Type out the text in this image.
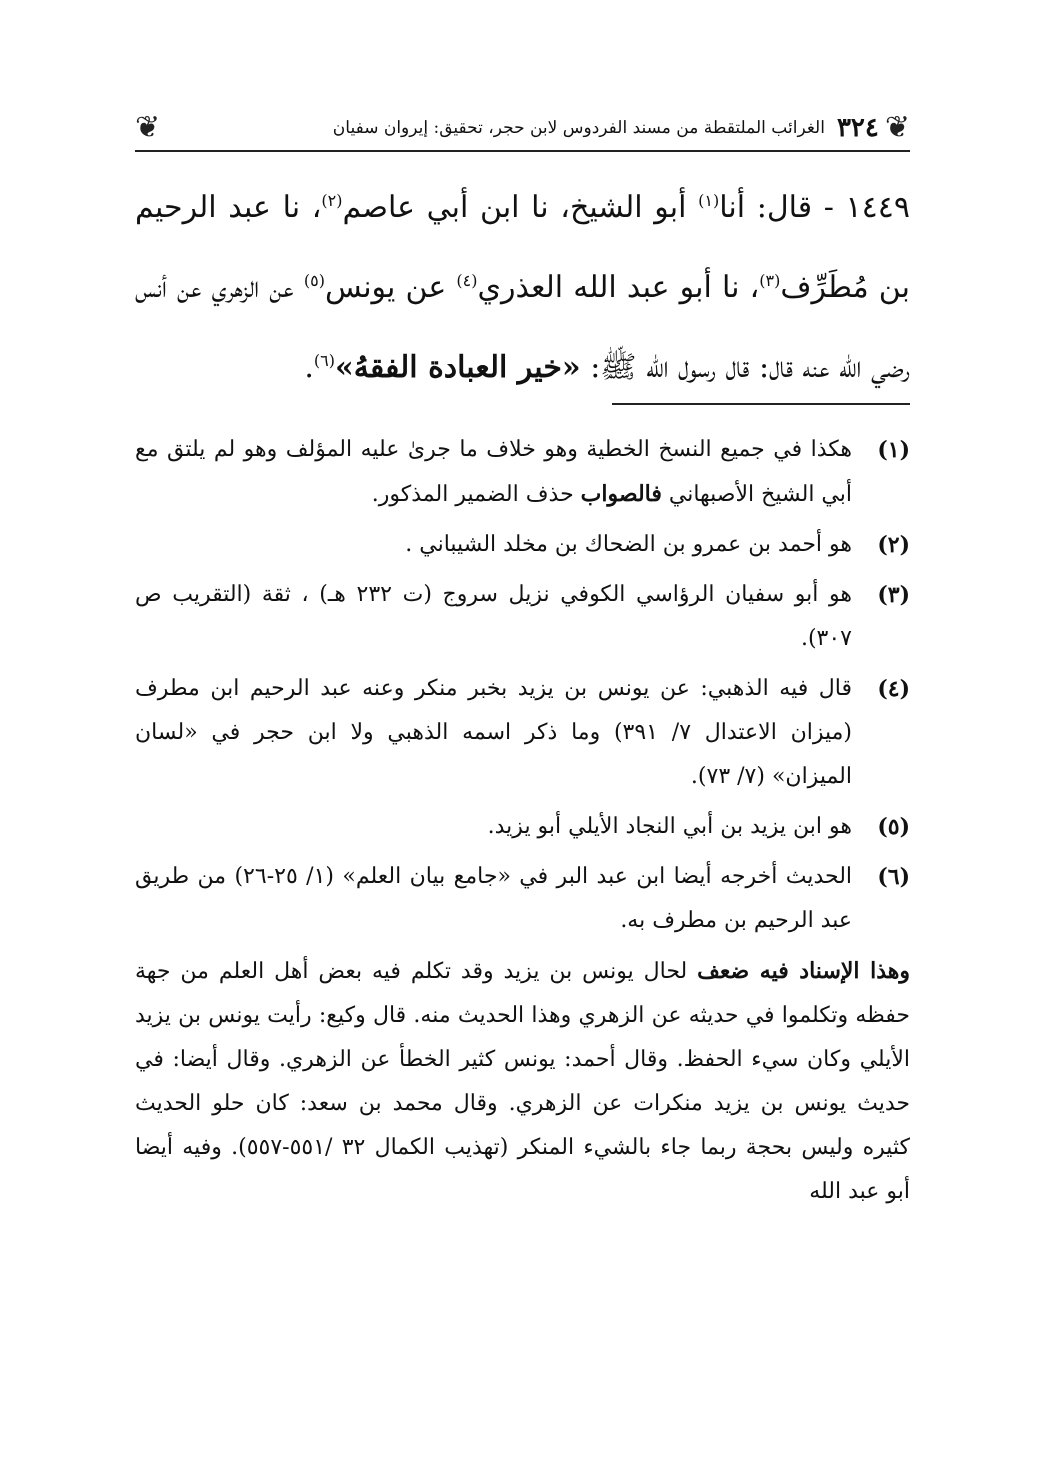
❦
٣٢٤
الغرائب الملتقطة من مسند الفردوس لابن حجر، تحقيق: إيروان سفيان
❦
١٤٤٩ - قال: أنا$^{(١)}$ أبو الشيخ، نا ابن أبي عاصم$^{(٢)}$، نا عبد الرحيم بن مُطَرِّف$^{(٣)}$، نا أبو عبد الله العذري$^{(٤)}$ عن يونس$^{(٥)}$ عن الزهري عن أنس رضي الله عنه قال: قال رسول الله ﷺ: «خير العبادة الفقهُ»$^{(٦)}$.
(١)
هكذا في جميع النسخ الخطية وهو خلاف ما جرىٰ عليه المؤلف وهو لم يلتق مع أبي الشيخ الأصبهاني فالصواب حذف الضمير المذكور.
(٢)
هو أحمد بن عمرو بن الضحاك بن مخلد الشيباني .
(٣)
هو أبو سفيان الرؤاسي الكوفي نزيل سروج (ت ٢٣٢ هـ) ، ثقة (التقريب ص ٣٠٧).
(٤)
قال فيه الذهبي: عن يونس بن يزيد بخبر منكر وعنه عبد الرحيم ابن مطرف (ميزان الاعتدال ٧/ ٣٩١) وما ذكر اسمه الذهبي ولا ابن حجر في «لسان الميزان» (٧/ ٧٣).
(٥)
هو ابن يزيد بن أبي النجاد الأيلي أبو يزيد.
(٦)
الحديث أخرجه أيضا ابن عبد البر في «جامع بيان العلم» (١/ ٢٥-٢٦) من طريق عبد الرحيم بن مطرف به.
وهذا الإسناد فيه ضعف لحال يونس بن يزيد وقد تكلم فيه بعض أهل العلم من جهة حفظه وتكلموا في حديثه عن الزهري وهذا الحديث منه. قال وكيع: رأيت يونس بن يزيد الأيلي وكان سيء الحفظ. وقال أحمد: يونس كثير الخطأ عن الزهري. وقال أيضا: في حديث يونس بن يزيد منكرات عن الزهري. وقال محمد بن سعد: كان حلو الحديث كثيره وليس بحجة ربما جاء بالشيء المنكر (تهذيب الكمال ٣٢ /٥٥١-٥٥٧). وفيه أيضا أبو عبد الله
